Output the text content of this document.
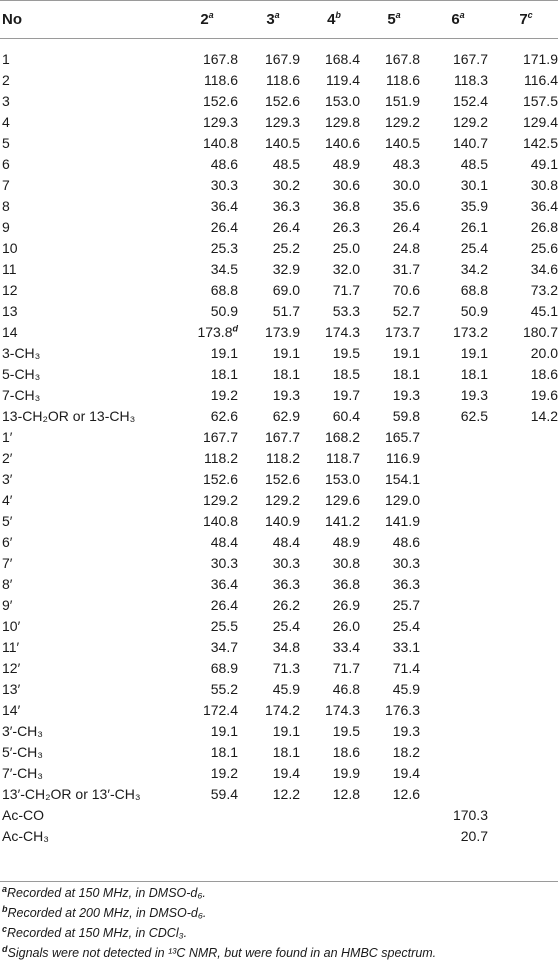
No	2$^a$	3$^a$	4$^b$	5$^a$	6$^a$	7$^c$
1	167.8	167.9	168.4	167.8	167.7	171.9
2	118.6	118.6	119.4	118.6	118.3	116.4
3	152.6	152.6	153.0	151.9	152.4	157.5
4	129.3	129.3	129.8	129.2	129.2	129.4
5	140.8	140.5	140.6	140.5	140.7	142.5
6	48.6	48.5	48.9	48.3	48.5	49.1
7	30.3	30.2	30.6	30.0	30.1	30.8
8	36.4	36.3	36.8	35.6	35.9	36.4
9	26.4	26.4	26.3	26.4	26.1	26.8
10	25.3	25.2	25.0	24.8	25.4	25.6
11	34.5	32.9	32.0	31.7	34.2	34.6
12	68.8	69.0	71.7	70.6	68.8	73.2
13	50.9	51.7	53.3	52.7	50.9	45.1
14	173.8$^d$	173.9	174.3	173.7	173.2	180.7
3-CH₃	19.1	19.1	19.5	19.1	19.1	20.0
5-CH₃	18.1	18.1	18.5	18.1	18.1	18.6
7-CH₃	19.2	19.3	19.7	19.3	19.3	19.6
13-CH₂OR or 13-CH₃	62.6	62.9	60.4	59.8	62.5	14.2
1′	167.7	167.7	168.2	165.7		
2′	118.2	118.2	118.7	116.9		
3′	152.6	152.6	153.0	154.1		
4′	129.2	129.2	129.6	129.0		
5′	140.8	140.9	141.2	141.9		
6′	48.4	48.4	48.9	48.6		
7′	30.3	30.3	30.8	30.3		
8′	36.4	36.3	36.8	36.3		
9′	26.4	26.2	26.9	25.7		
10′	25.5	25.4	26.0	25.4		
11′	34.7	34.8	33.4	33.1		
12′	68.9	71.3	71.7	71.4		
13′	55.2	45.9	46.8	45.9		
14′	172.4	174.2	174.3	176.3		
3′-CH₃	19.1	19.1	19.5	19.3		
5′-CH₃	18.1	18.1	18.6	18.2		
7′-CH₃	19.2	19.4	19.9	19.4		
13′-CH₂OR or 13′-CH₃	59.4	12.2	12.8	12.6		
Ac-CO					170.3	
Ac-CH₃					20.7	
$^a$Recorded at 150 MHz, in DMSO-d₆.
$^b$Recorded at 200 MHz, in DMSO-d₆.
$^c$Recorded at 150 MHz, in CDCl₃.
$^d$Signals were not detected in ¹³C NMR, but were found in an HMBC spectrum.
